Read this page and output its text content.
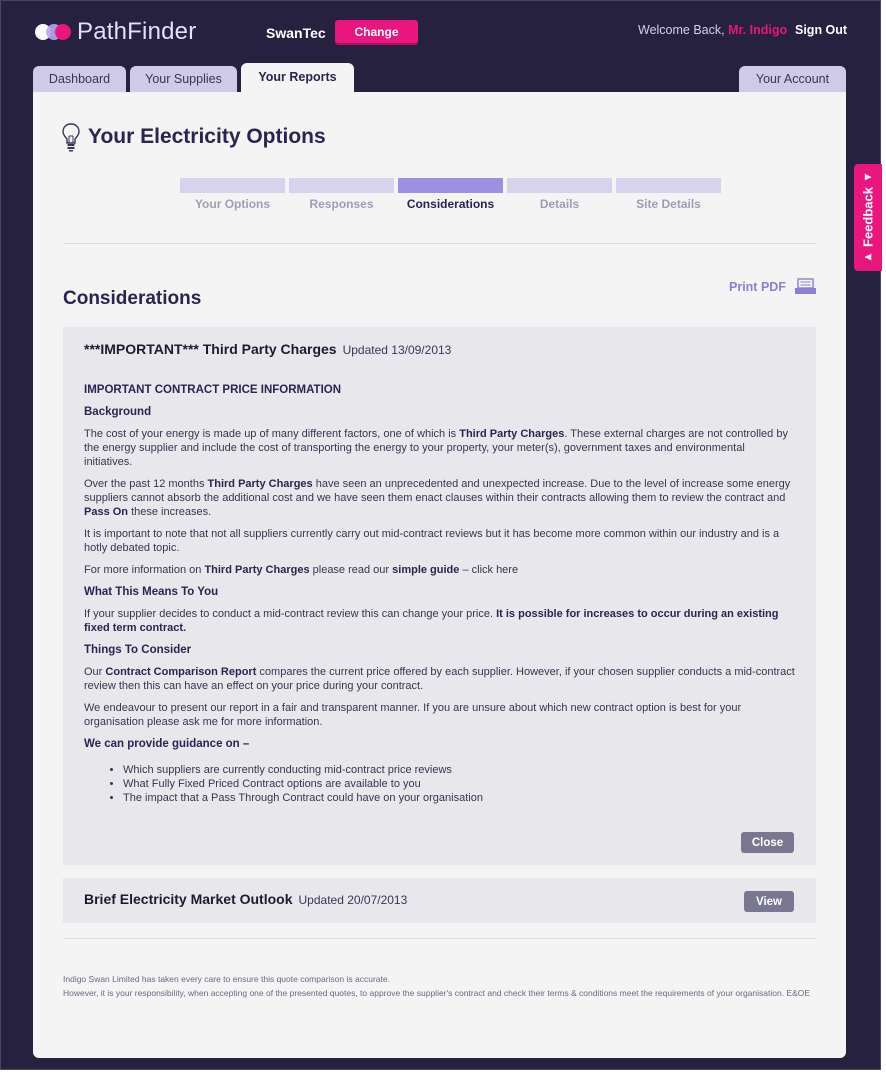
PathFinder	SwanTec	Change	Welcome Back, Mr. Indigo Sign Out
Dashboard	Your Supplies	Your Reports	Your Account
Your Electricity Options
Your Options	Responses	Considerations	Details	Site Details
Considerations
Print PDF
***IMPORTANT*** Third Party Charges Updated 13/09/2013

IMPORTANT CONTRACT PRICE INFORMATION

Background

The cost of your energy is made up of many different factors, one of which is Third Party Charges. These external charges are not controlled by the energy supplier and include the cost of transporting the energy to your property, your meter(s), government taxes and environmental initiatives.

Over the past 12 months Third Party Charges have seen an unprecedented and unexpected increase. Due to the level of increase some energy suppliers cannot absorb the additional cost and we have seen them enact clauses within their contracts allowing them to review the contract and Pass On these increases.

It is important to note that not all suppliers currently carry out mid-contract reviews but it has become more common within our industry and is a hotly debated topic.

For more information on Third Party Charges please read our simple guide – click here

What This Means To You

If your supplier decides to conduct a mid-contract review this can change your price. It is possible for increases to occur during an existing fixed term contract.

Things To Consider

Our Contract Comparison Report compares the current price offered by each supplier. However, if your chosen supplier conducts a mid-contract review then this can have an effect on your price during your contract.

We endeavour to present our report in a fair and transparent manner. If you are unsure about which new contract option is best for your organisation please ask me for more information.

We can provide guidance on –

• Which suppliers are currently conducting mid-contract price reviews
• What Fully Fixed Priced Contract options are available to you
• The impact that a Pass Through Contract could have on your organisation
Close
Brief Electricity Market Outlook Updated 20/07/2013	View
Indigo Swan Limited has taken every care to ensure this quote comparison is accurate.
However, it is your responsibility, when accepting one of the presented quotes, to approve the supplier's contract and check their terms & conditions meet the requirements of your organisation. E&OE
▶
Feedback
◀
